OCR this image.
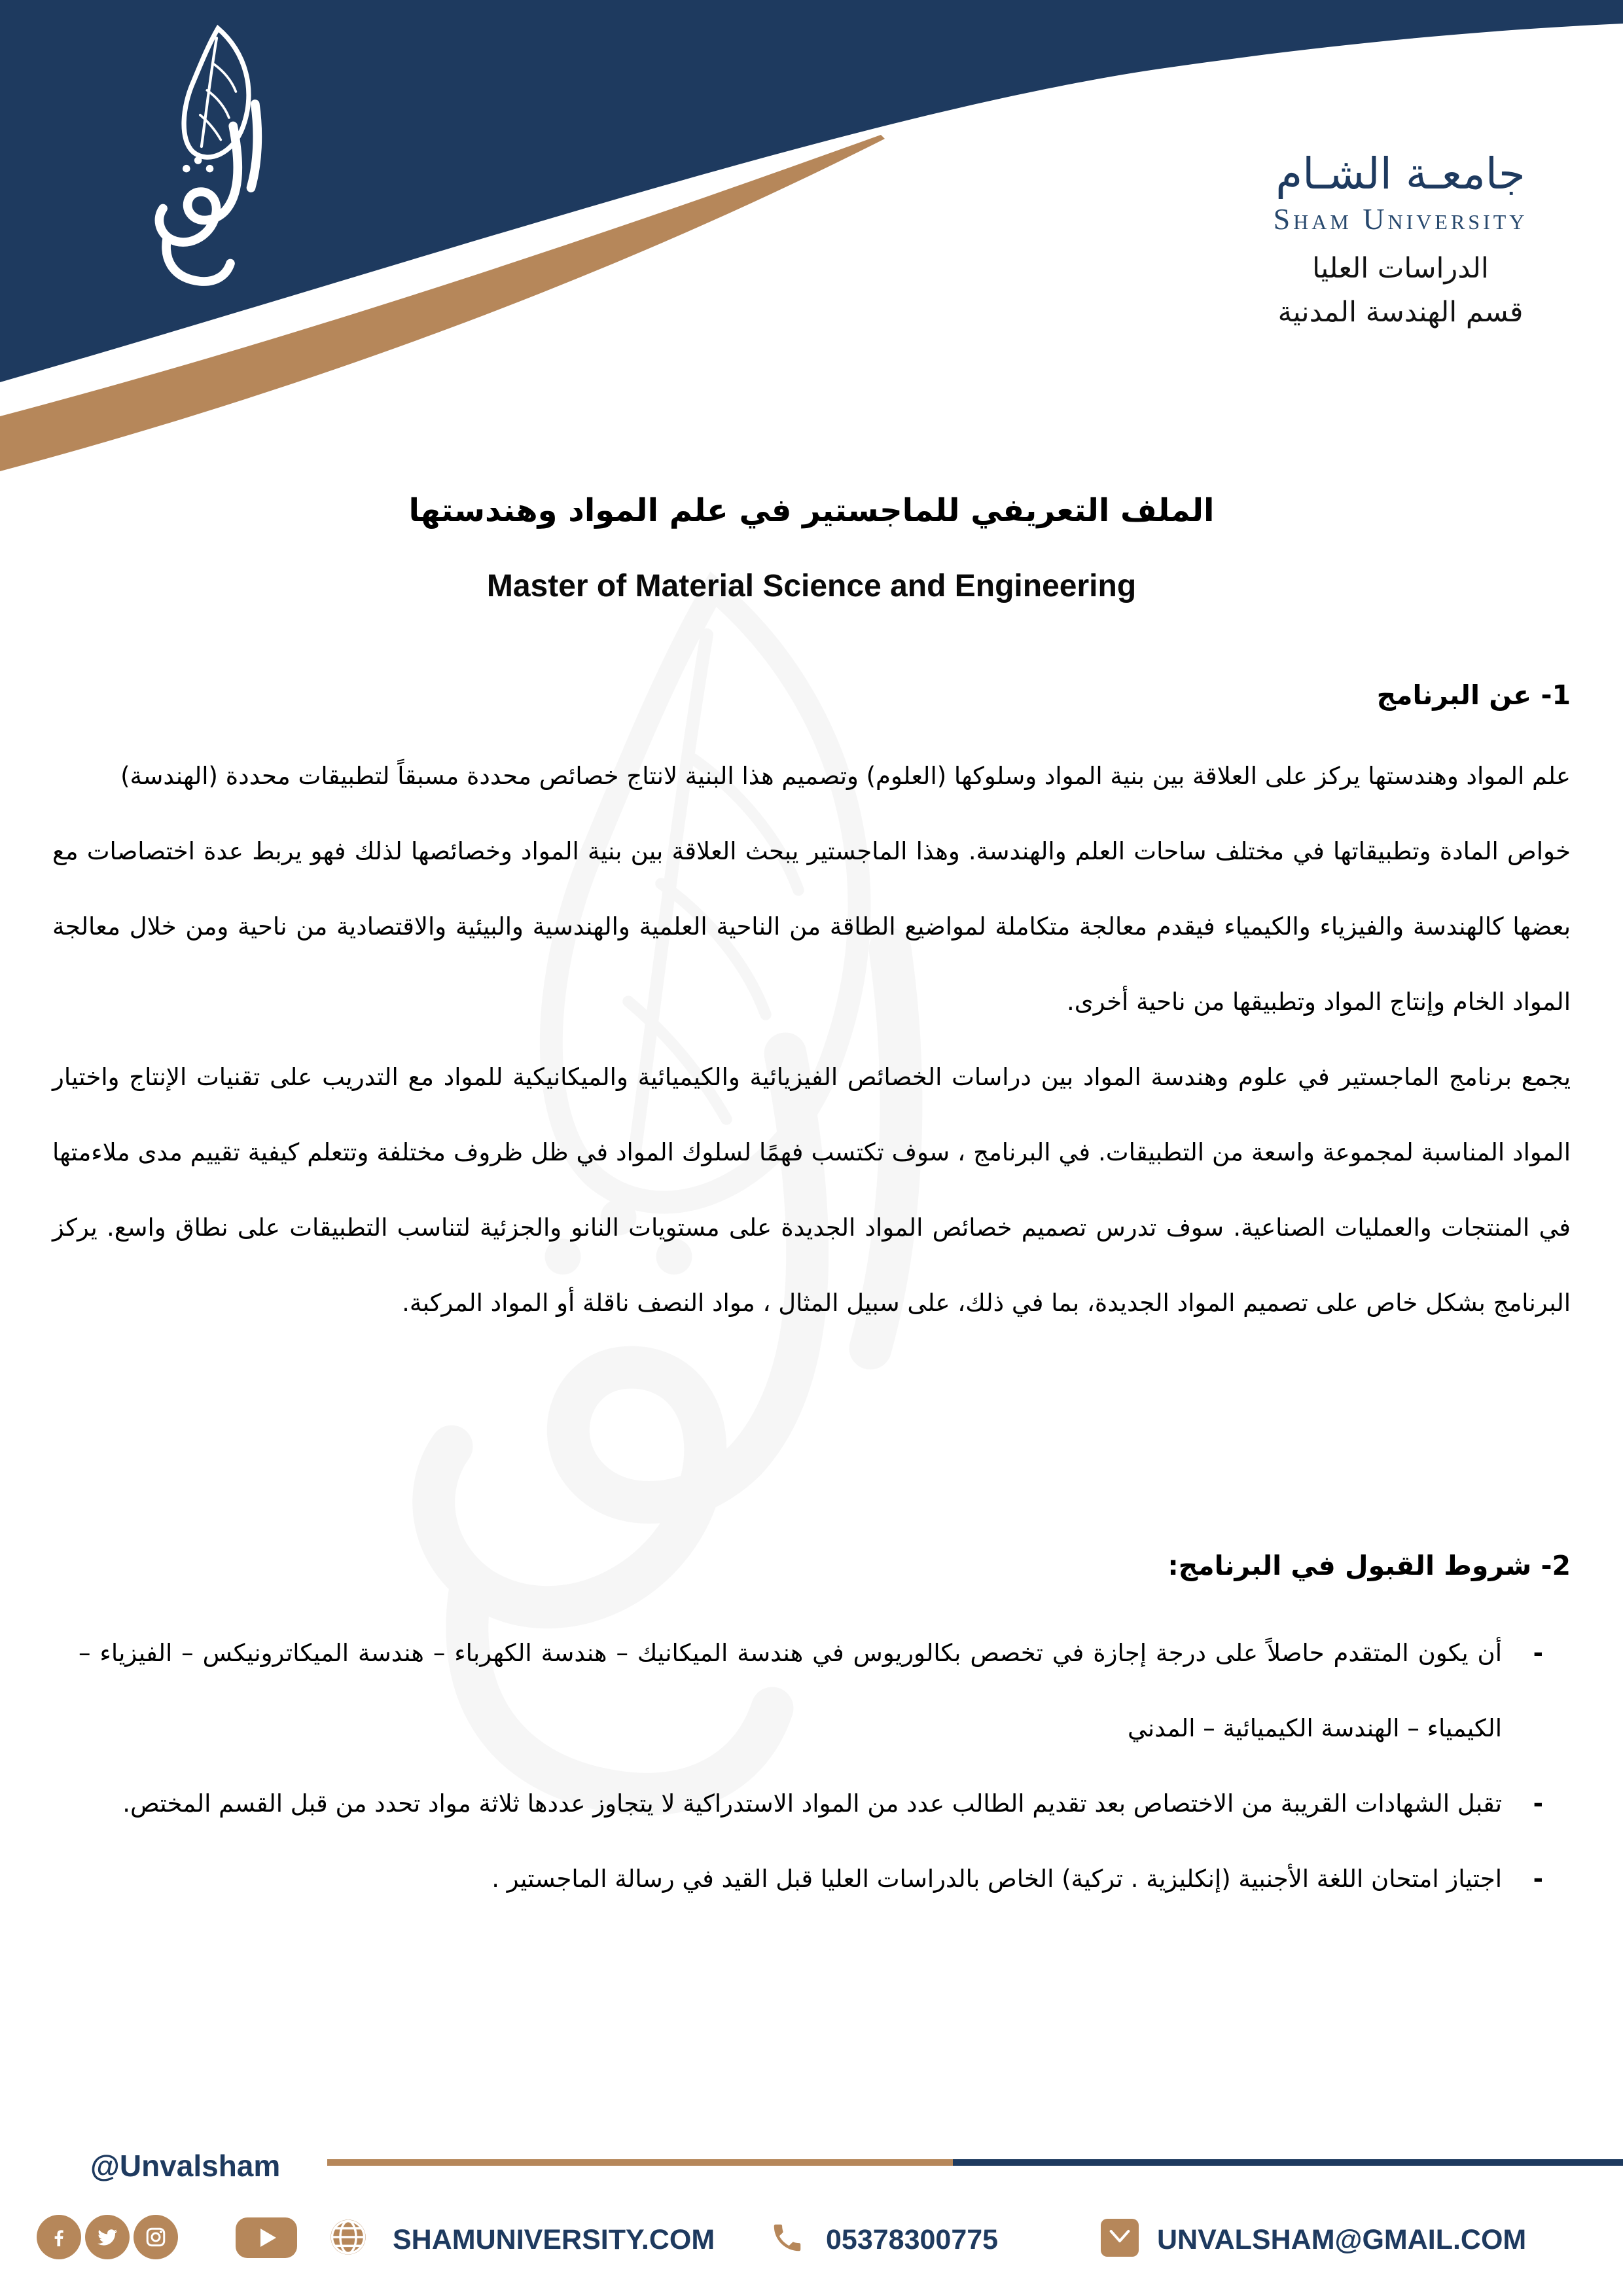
جامعـة الشـام
Sham University
الدراسات العليا
قسم الهندسة المدنية
الملف التعريفي للماجستير في علم المواد وهندستها
Master of Material Science and Engineering
1- عن البرنامج
علم المواد وهندستها يركز على العلاقة بين بنية المواد وسلوكها (العلوم) وتصميم هذا البنية لانتاج خصائص محددة مسبقاً لتطبيقات محددة (الهندسة)
خواص المادة وتطبيقاتها في مختلف ساحات العلم والهندسة. وهذا الماجستير يبحث العلاقة بين بنية المواد وخصائصها لذلك فهو يربط عدة اختصاصات مع بعضها كالهندسة والفيزياء والكيمياء فيقدم معالجة متكاملة لمواضيع الطاقة من الناحية العلمية والهندسية والبيئية والاقتصادية من ناحية ومن خلال معالجة المواد الخام وإنتاج المواد وتطبيقها من ناحية أخرى.
يجمع برنامج الماجستير في علوم وهندسة المواد بين دراسات الخصائص الفيزيائية والكيميائية والميكانيكية للمواد مع التدريب على تقنيات الإنتاج واختيار المواد المناسبة لمجموعة واسعة من التطبيقات. في البرنامج ، سوف تكتسب فهمًا لسلوك المواد في ظل ظروف مختلفة وتتعلم كيفية تقييم مدى ملاءمتها في المنتجات والعمليات الصناعية. سوف تدرس تصميم خصائص المواد الجديدة على مستويات النانو والجزئية لتناسب التطبيقات على نطاق واسع. يركز البرنامج بشكل خاص على تصميم المواد الجديدة، بما في ذلك، على سبيل المثال ، مواد النصف ناقلة أو المواد المركبة.
2- شروط القبول في البرنامج:
-
أن يكون المتقدم حاصلاً على درجة إجازة في تخصص بكالوريوس في هندسة الميكانيك – هندسة الكهرباء – هندسة الميكاترونيكس – الفيزياء – الكيمياء – الهندسة الكيميائية – المدني
-
تقبل الشهادات القريبة من الاختصاص بعد تقديم الطالب عدد من المواد الاستدراكية لا يتجاوز عددها ثلاثة مواد تحدد من قبل القسم المختص.
-
اجتياز امتحان اللغة الأجنبية (إنكليزية . تركية) الخاص بالدراسات العليا قبل القيد في رسالة الماجستير .
@Unvalsham
SHAMUNIVERSITY.COM	05378300775	UNVALSHAM@GMAIL.COM
